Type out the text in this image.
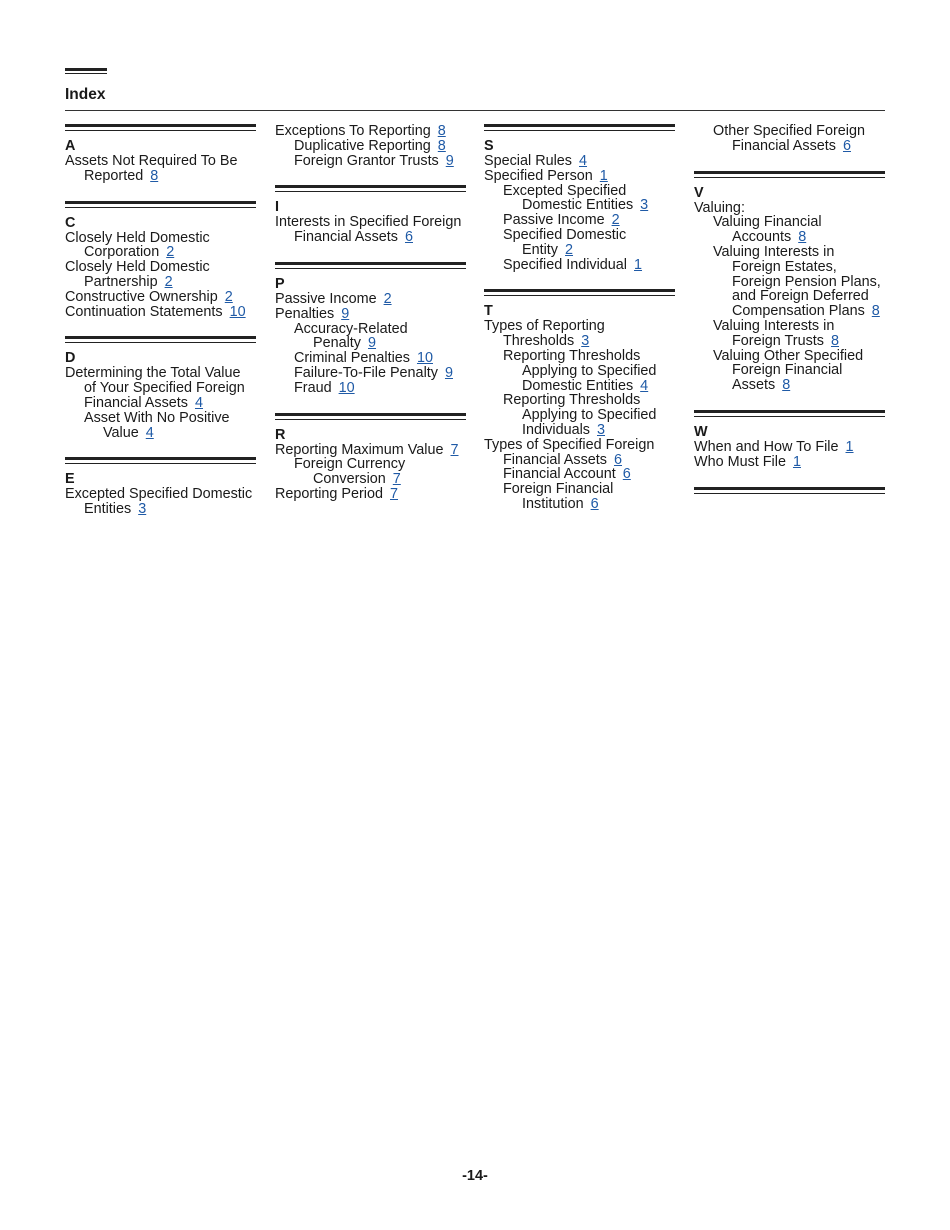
Index
A
Assets Not Required To Be Reported 8
C
Closely Held Domestic Corporation 2
Closely Held Domestic Partnership 2
Constructive Ownership 2
Continuation Statements 10
D
Determining the Total Value of Your Specified Foreign Financial Assets 4
Asset With No Positive Value 4
E
Excepted Specified Domestic Entities 3
Exceptions To Reporting 8
Duplicative Reporting 8
Foreign Grantor Trusts 9
I
Interests in Specified Foreign Financial Assets 6
P
Passive Income 2
Penalties 9
Accuracy-Related Penalty 9
Criminal Penalties 10
Failure-To-File Penalty 9
Fraud 10
R
Reporting Maximum Value 7
Foreign Currency Conversion 7
Reporting Period 7
S
Special Rules 4
Specified Person 1
Excepted Specified Domestic Entities 3
Passive Income 2
Specified Domestic Entity 2
Specified Individual 1
T
Types of Reporting Thresholds 3
Reporting Thresholds Applying to Specified Domestic Entities 4
Reporting Thresholds Applying to Specified Individuals 3
Types of Specified Foreign
Financial Assets 6
Financial Account 6
Foreign Financial Institution 6
Other Specified Foreign Financial Assets 6
V
Valuing:
Valuing Financial Accounts 8
Valuing Interests in Foreign Estates, Foreign Pension Plans, and Foreign Deferred Compensation Plans 8
Valuing Interests in Foreign Trusts 8
Valuing Other Specified Foreign Financial Assets 8
W
When and How To File 1
Who Must File 1
-14-
